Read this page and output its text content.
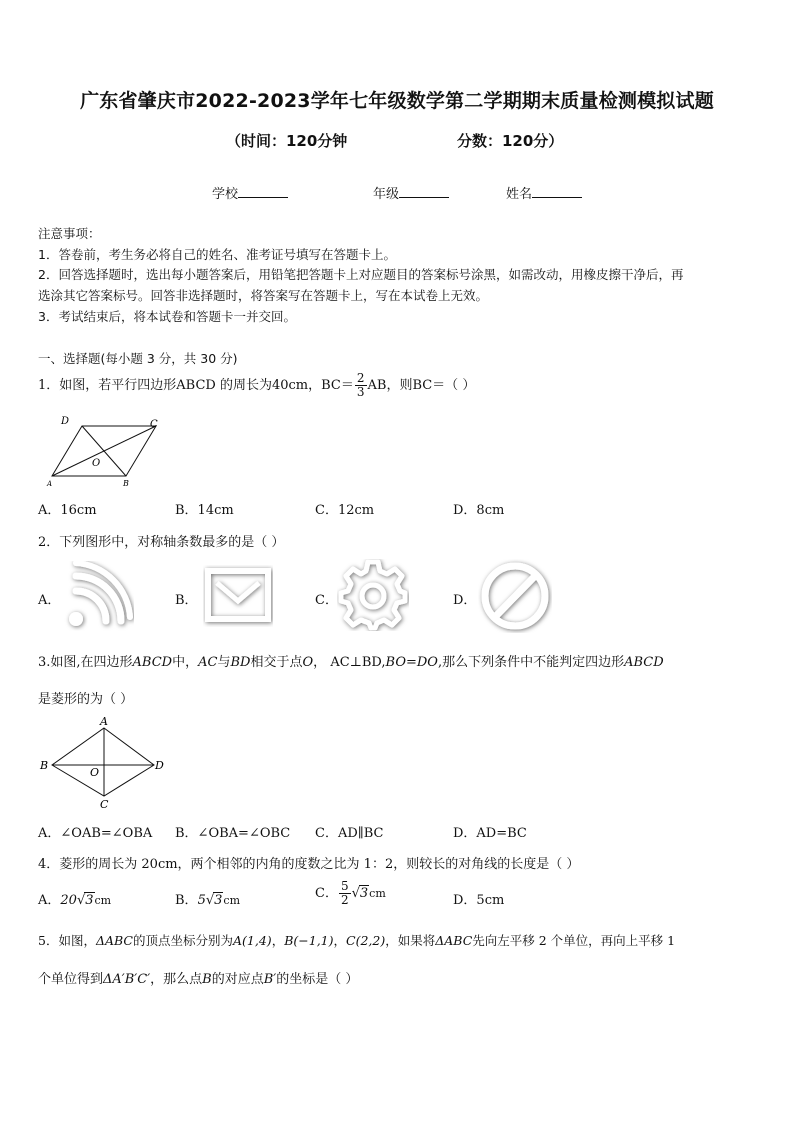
广东省肇庆市2022-2023学年七年级数学第二学期期末质量检测模拟试题
（时间：120分钟	分数：120分）
学校	年级	姓名
注意事项：
1．答卷前，考生务必将自己的姓名、准考证号填写在答题卡上。
2．回答选择题时，选出每小题答案后，用铅笔把答题卡上对应题目的答案标号涂黑，如需改动，用橡皮擦干净后，再
选涂其它答案标号。回答非选择题时，将答案写在答题卡上，写在本试卷上无效。
3．考试结束后，将本试卷和答题卡一并交回。
一、选择题(每小题 3 分，共 30 分)
1．如图，若平行四边形ABCD 的周长为40cm，$BC= \frac{2}{3}$ AB，则BC＝（ ）
D	C
O
A	B
A．16cm	B．14cm	C．12cm	D．8cm
2．下列图形中，对称轴条数最多的是（ ）
A．	B．	C．	D．
3.如图,在四边形ABCD中，AC与BD相交于点O， AC⊥BD,BO=DO,那么下列条件中不能判定四边形ABCD
是菱形的为（ ）
A
B
O
D
C
A．∠OAB=∠OBA B．∠OBA=∠OBC C．AD∥BC	D．AD=BC
4．菱形的周长为 20cm，两个相邻的内角的度数之比为 1：2，则较长的对角线的长度是（ ）
A．20√3cm	B．5√3cm	C． $\frac{5}{2} √3cm$	D．5cm
5．如图，ΔABC的顶点坐标分别为A(1,4)，B(−1,1)，C(2,2)，如果将ΔABC先向左平移 2 个单位，再向上平移 1
个单位得到ΔA′B′C′，那么点B的对应点B′的坐标是（ ）
